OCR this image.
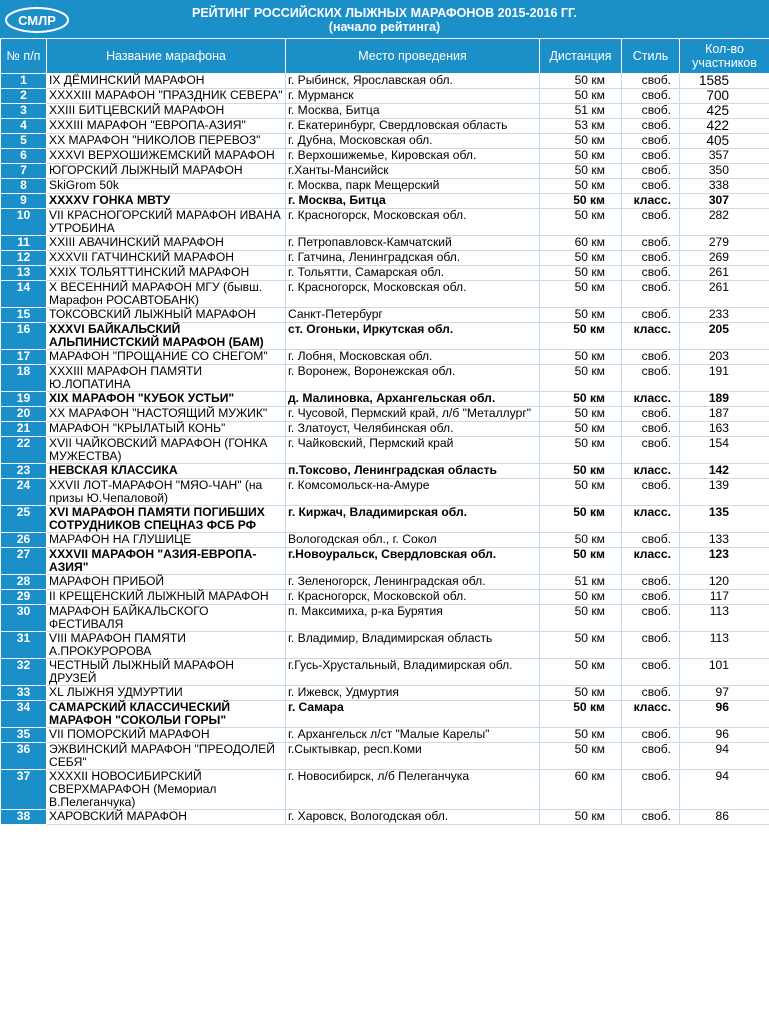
СМЛР	РЕЙТИНГ РОССИЙСКИХ ЛЫЖНЫХ МАРАФОНОВ 2015-2016 ГГ.
(начало рейтинга)
№ п/п	Название марафона	Место проведения	Дистанция	Стиль	Кол-во участников
1	IX ДЁМИНСКИЙ МАРАФОН	г. Рыбинск, Ярославская обл.	50 км	своб.	1585
2	XXXXIII МАРАФОН "ПРАЗДНИК СЕВЕРА"	г. Мурманск	50 км	своб.	700
3	XXIII БИТЦЕВСКИЙ МАРАФОН	г. Москва, Битца	51 км	своб.	425
4	XXXIII МАРАФОН "ЕВРОПА-АЗИЯ"	г. Екатеринбург, Свердловская область	53 км	своб.	422
5	XX МАРАФОН "НИКОЛОВ ПЕРЕВОЗ"	г. Дубна, Московская обл.	50 км	своб.	405
6	XXXVI ВЕРХОШИЖЕМСКИЙ МАРАФОН	г. Верхошижемье, Кировская обл.	50 км	своб.	357
7	ЮГОРСКИЙ ЛЫЖНЫЙ МАРАФОН	г.Ханты-Мансийск	50 км	своб.	350
8	SkiGrom 50k	г. Москва, парк Мещерский	50 км	своб.	338
9	XXXXV ГОНКА МВТУ	г. Москва, Битца	50 км	класс.	307
10	VII КРАСНОГОРСКИЙ МАРАФОН ИВАНА УТРОБИНА	г. Красногорск, Московская обл.	50 км	своб.	282
11	XXIII АВАЧИНСКИЙ МАРАФОН	г. Петропавловск-Камчатский	60 км	своб.	279
12	XXXVII ГАТЧИНСКИЙ МАРАФОН	г. Гатчина, Ленинградская обл.	50 км	своб.	269
13	XXIX ТОЛЬЯТТИНСКИЙ МАРАФОН	г. Тольятти, Самарская обл.	50 км	своб.	261
14	X ВЕСЕННИЙ МАРАФОН МГУ (бывш. Марафон РОСАВТОБАНК)	г. Красногорск, Московская обл.	50 км	своб.	261
15	ТОКСОВСКИЙ ЛЫЖНЫЙ МАРАФОН	Санкт-Петербург	50 км	своб.	233
16	XXXVI БАЙКАЛЬСКИЙ АЛЬПИНИСТСКИЙ МАРАФОН (БАМ)	ст. Огоньки, Иркутская обл.	50 км	класс.	205
17	МАРАФОН "ПРОЩАНИЕ СО СНЕГОМ"	г. Лобня, Московская обл.	50 км	своб.	203
18	XXXIII МАРАФОН ПАМЯТИ Ю.ЛОПАТИНА	г. Воронеж, Воронежская обл.	50 км	своб.	191
19	XIX МАРАФОН "КУБОК УСТЬИ"	д. Малиновка, Архангельская обл.	50 км	класс.	189
20	XX МАРАФОН "НАСТОЯЩИЙ МУЖИК"	г. Чусовой, Пермский край, л/б "Металлург"	50 км	своб.	187
21	МАРАФОН "КРЫЛАТЫЙ КОНЬ"	г. Златоуст, Челябинская обл.	50 км	своб.	163
22	XVII ЧАЙКОВСКИЙ МАРАФОН (ГОНКА МУЖЕСТВА)	г. Чайковский, Пермский край	50 км	своб.	154
23	НЕВСКАЯ КЛАССИКА	п.Токсово, Ленинградская область	50 км	класс.	142
24	XXVII ЛОТ-МАРАФОН "МЯО-ЧАН" (на призы Ю.Чепаловой)	г. Комсомольск-на-Амуре	50 км	своб.	139
25	XVI МАРАФОН ПАМЯТИ ПОГИБШИХ СОТРУДНИКОВ СПЕЦНАЗ ФСБ РФ	г. Киржач, Владимирская обл.	50 км	класс.	135
26	МАРАФОН НА ГЛУШИЦЕ	Вологодская обл., г. Сокол	50 км	своб.	133
27	XXXVII МАРАФОН "АЗИЯ-ЕВРОПА-АЗИЯ"	г.Новоуральск, Свердловская обл.	50 км	класс.	123
28	МАРАФОН ПРИБОЙ	г. Зеленогорск, Ленинградская обл.	51 км	своб.	120
29	II КРЕЩЕНСКИЙ ЛЫЖНЫЙ МАРАФОН	г. Красногорск, Московской обл.	50 км	своб.	117
30	МАРАФОН БАЙКАЛЬСКОГО ФЕСТИВАЛЯ	п. Максимиха, р-ка Бурятия	50 км	своб.	113
31	VIII МАРАФОН ПАМЯТИ А.ПРОКУРОРОВА	г. Владимир, Владимирская область	50 км	своб.	113
32	ЧЕСТНЫЙ ЛЫЖНЫЙ МАРАФОН ДРУЗЕЙ	г.Гусь-Хрустальный, Владимирская обл.	50 км	своб.	101
33	XL ЛЫЖНЯ УДМУРТИИ	г. Ижевск, Удмуртия	50 км	своб.	97
34	САМАРСКИЙ КЛАССИЧЕСКИЙ МАРАФОН "СОКОЛЬИ ГОРЫ"	г. Самара	50 км	класс.	96
35	VII ПОМОРСКИЙ МАРАФОН	г. Архангельск л/ст "Малые Карелы"	50 км	своб.	96
36	ЭЖВИНСКИЙ МАРАФОН "ПРЕОДОЛЕЙ СЕБЯ"	г.Сыктывкар, респ.Коми	50 км	своб.	94
37	XXXXII НОВОСИБИРСКИЙ СВЕРХМАРАФОН (Мемориал В.Пелеганчука)	г. Новосибирск, л/б Пелеганчука	60 км	своб.	94
38	ХАРОВСКИЙ МАРАФОН	г. Харовск, Вологодская обл.	50 км	своб.	86
